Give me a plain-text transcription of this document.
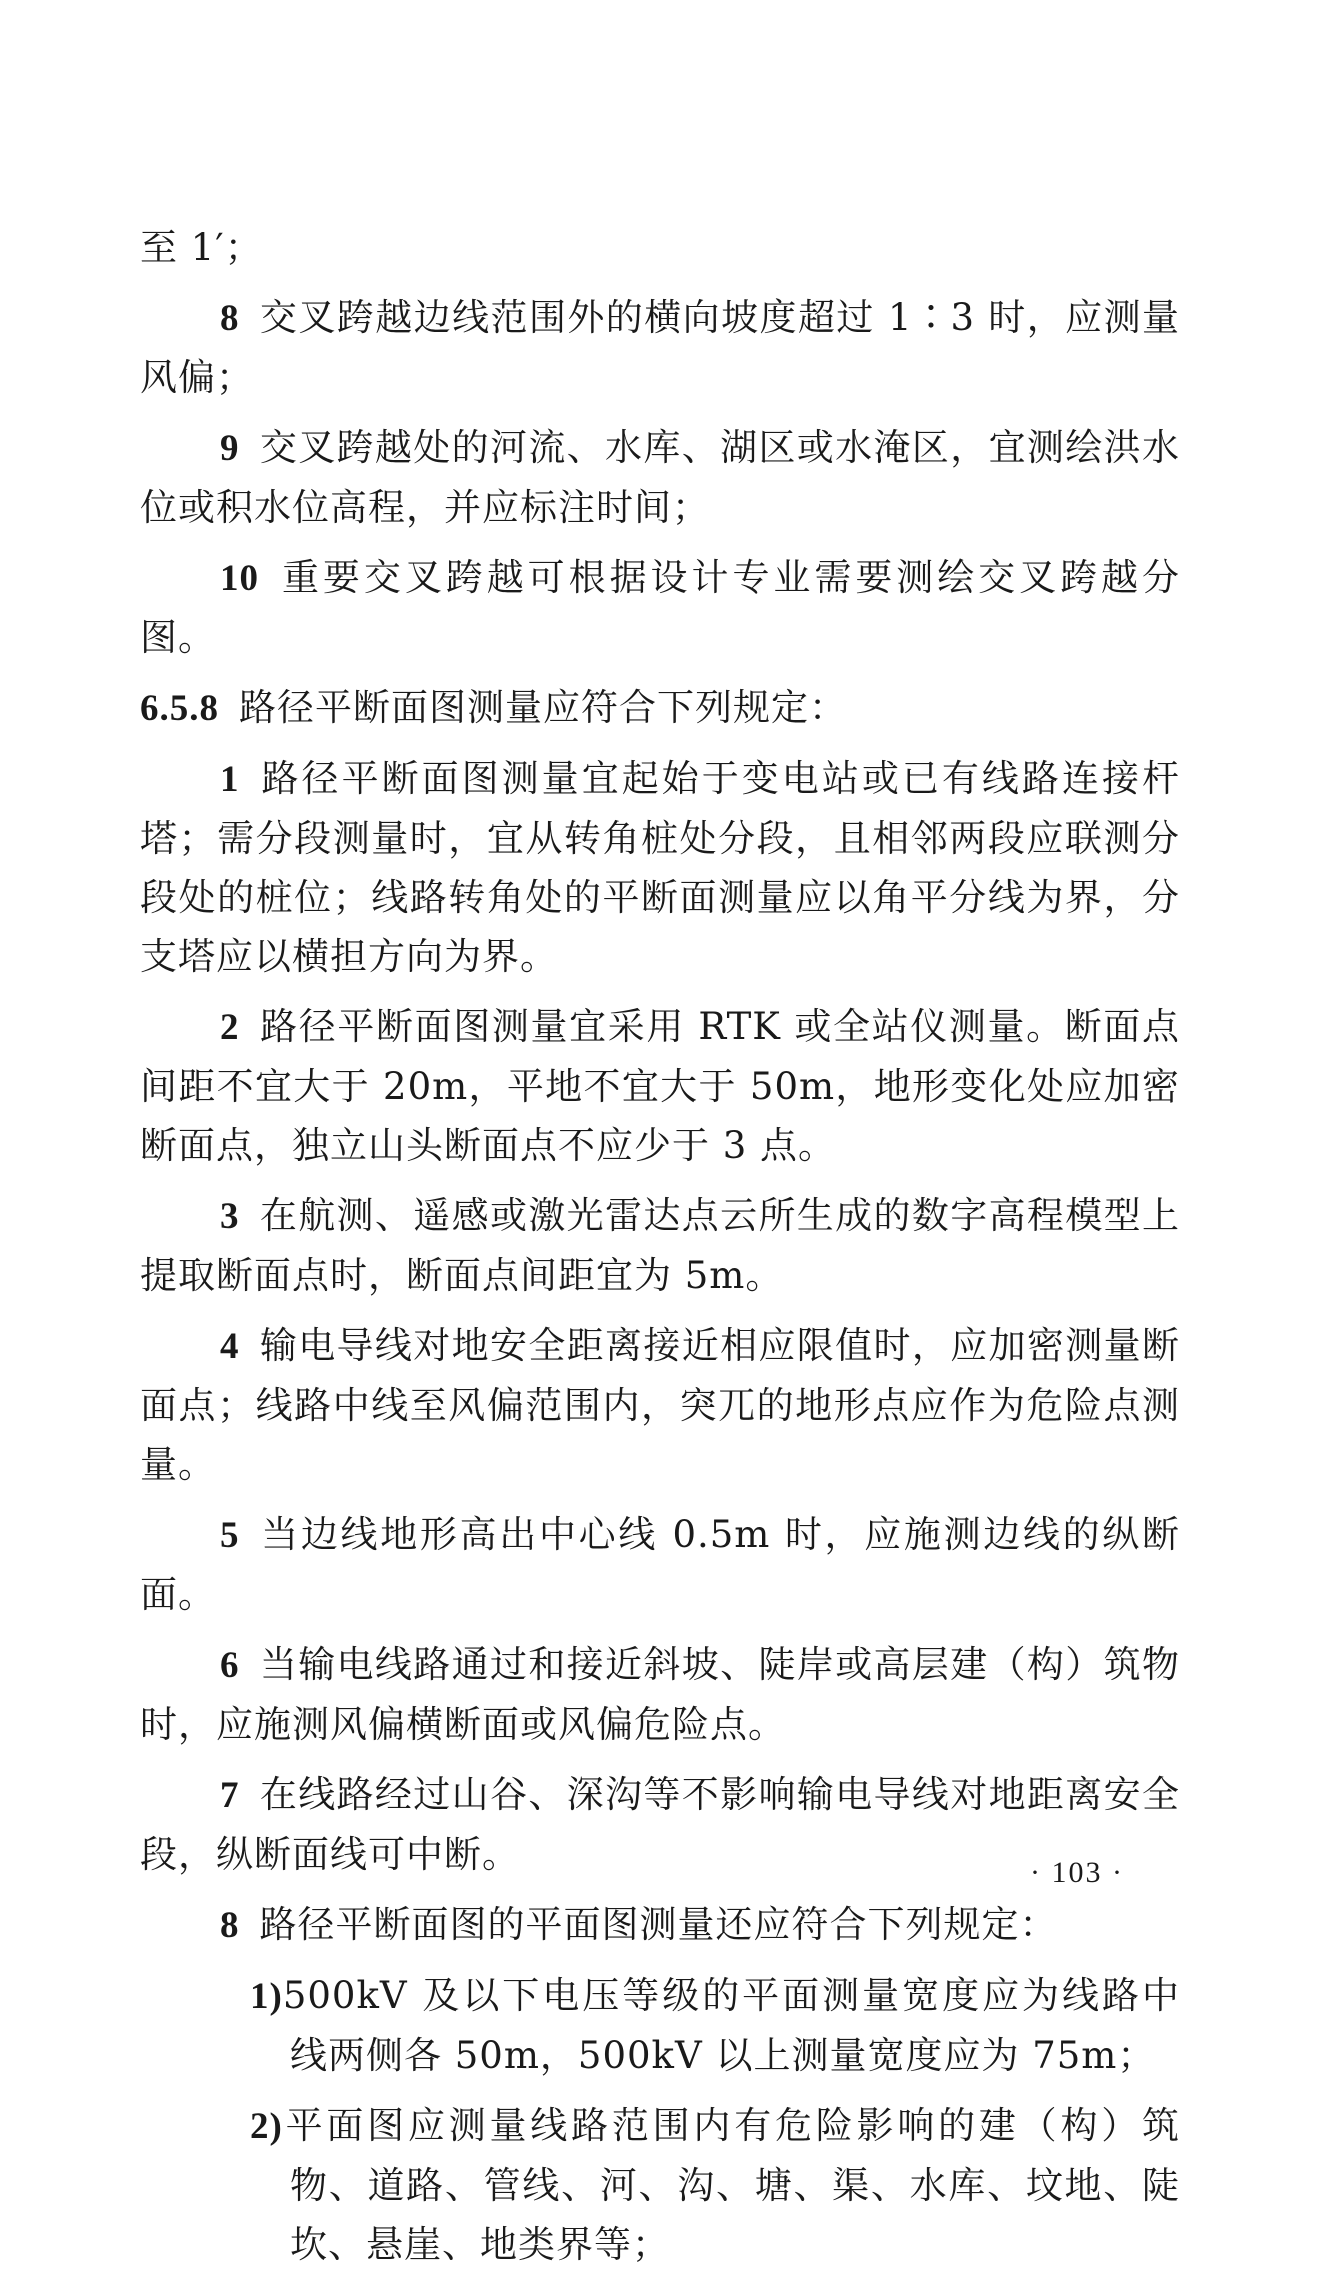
至 1′；

8 交叉跨越边线范围外的横向坡度超过 1∶3 时，应测量风偏；

9 交叉跨越处的河流、水库、湖区或水淹区，宜测绘洪水位或积水位高程，并应标注时间；

10 重要交叉跨越可根据设计专业需要测绘交叉跨越分图。

6.5.8 路径平断面图测量应符合下列规定：

1 路径平断面图测量宜起始于变电站或已有线路连接杆塔；需分段测量时，宜从转角桩处分段，且相邻两段应联测分段处的桩位；线路转角处的平断面测量应以角平分线为界，分支塔应以横担方向为界。

2 路径平断面图测量宜采用 RTK 或全站仪测量。断面点间距不宜大于 20m，平地不宜大于 50m，地形变化处应加密断面点，独立山头断面点不应少于 3 点。

3 在航测、遥感或激光雷达点云所生成的数字高程模型上提取断面点时，断面点间距宜为 5m。

4 输电导线对地安全距离接近相应限值时，应加密测量断面点；线路中线至风偏范围内，突兀的地形点应作为危险点测量。

5 当边线地形高出中心线 0.5m 时，应施测边线的纵断面。

6 当输电线路通过和接近斜坡、陡岸或高层建（构）筑物时，应施测风偏横断面或风偏危险点。

7 在线路经过山谷、深沟等不影响输电导线对地距离安全段，纵断面线可中断。

8 路径平断面图的平面图测量还应符合下列规定：

1)500kV 及以下电压等级的平面测量宽度应为线路中线两侧各 50m，500kV 以上测量宽度应为 75m；

2)平面图应测量线路范围内有危险影响的建（构）筑物、道路、管线、河、沟、塘、渠、水库、坟地、陡坎、悬崖、地类界等；

· 103 ·
